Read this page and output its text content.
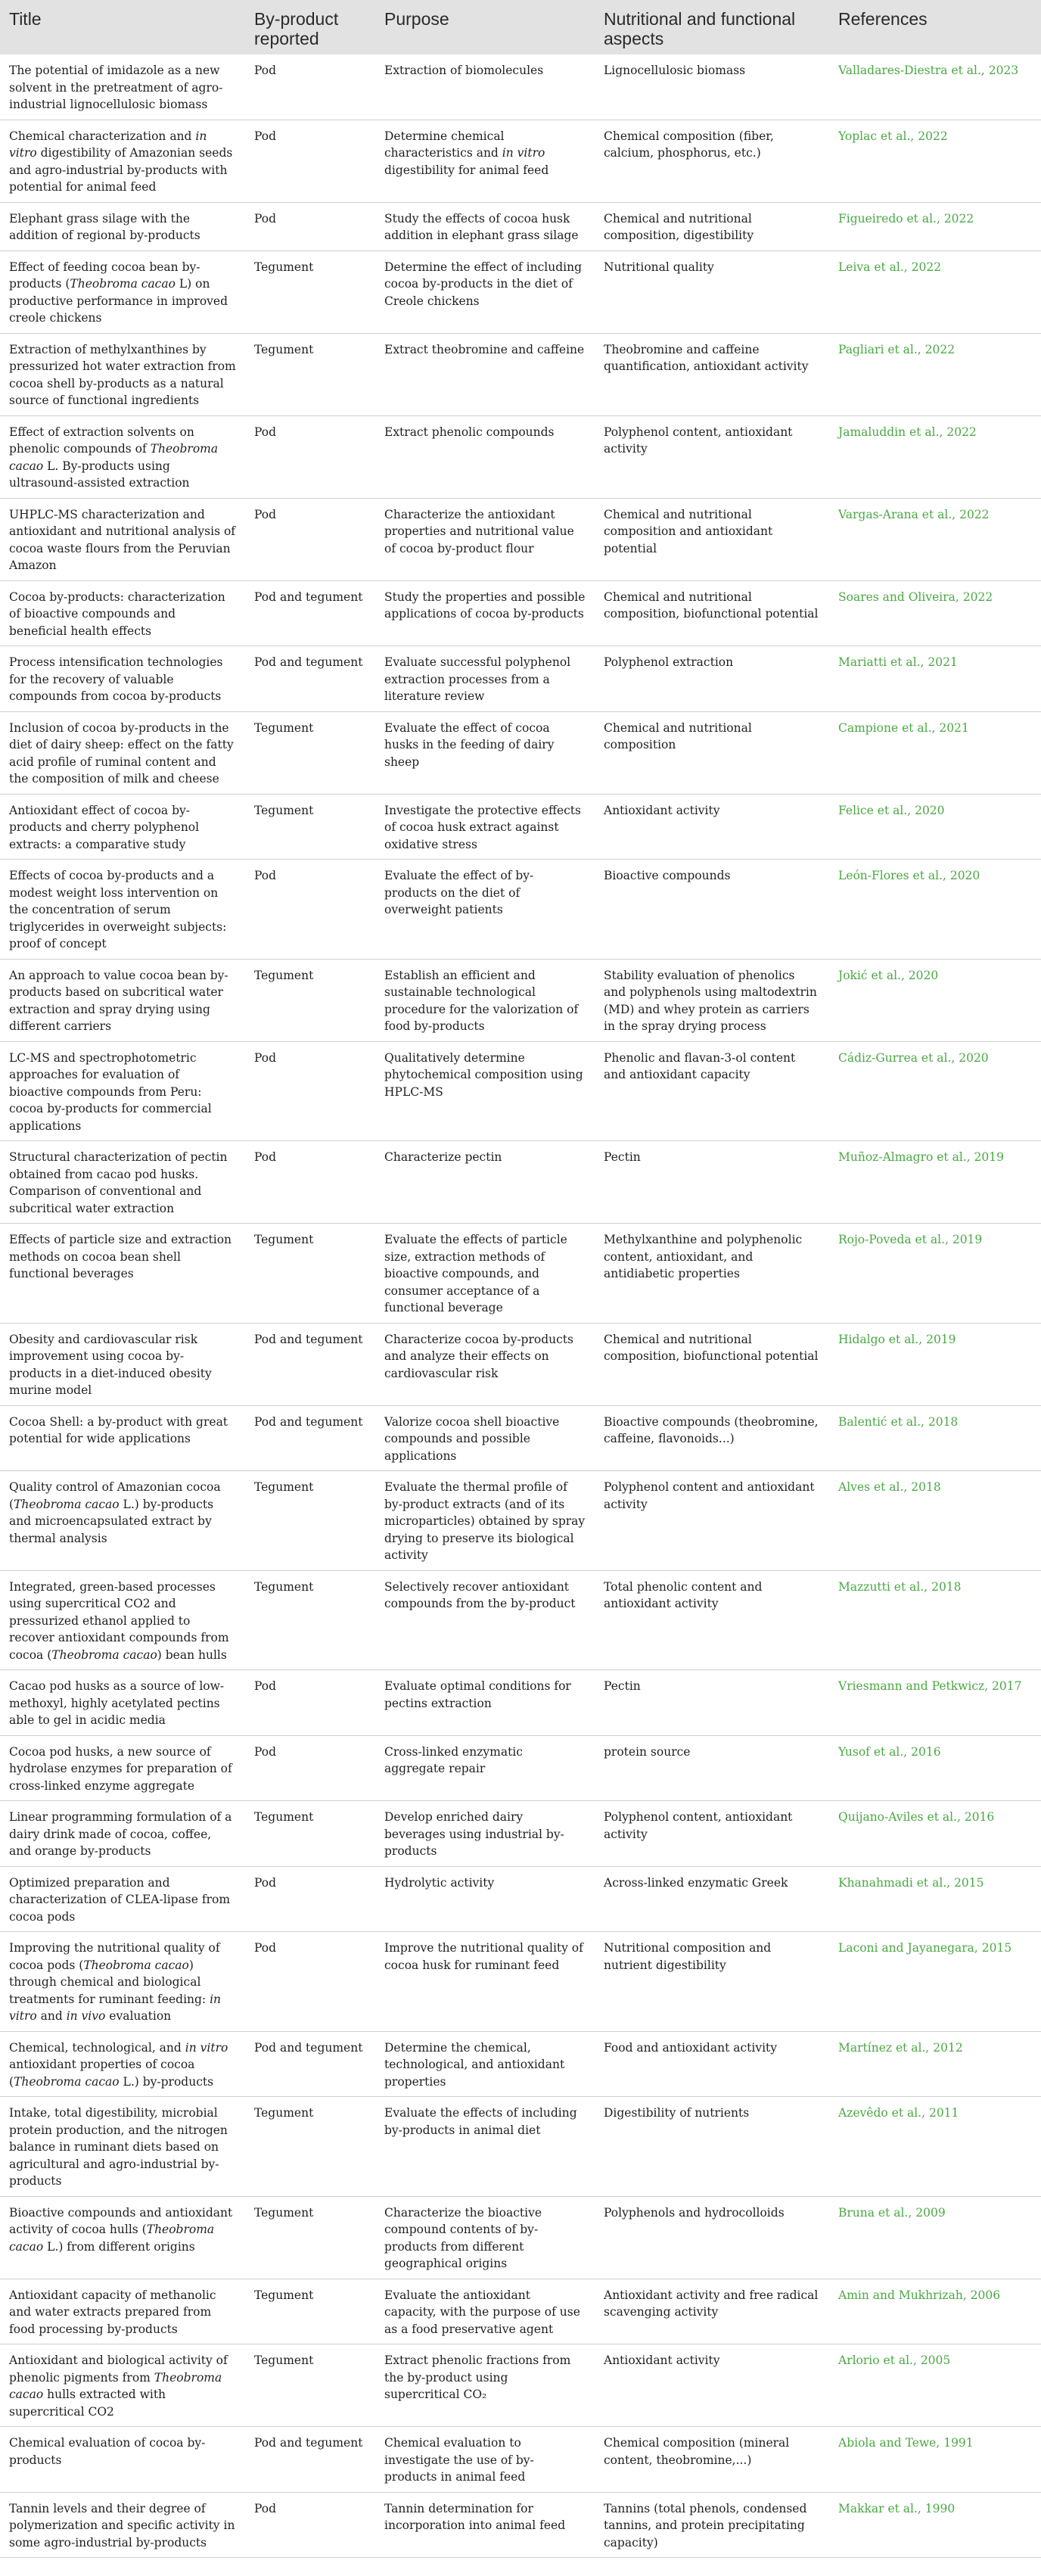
Title	By-product reported	Purpose	Nutritional and functional aspects	References
The potential of imidazole as a new solvent in the pretreatment of agro-industrial lignocellulosic biomass	Pod	Extraction of biomolecules	Lignocellulosic biomass	Valladares-Diestra et al., 2023
Chemical characterization and in vitro digestibility of Amazonian seeds and agro-industrial by-products with potential for animal feed	Pod	Determine chemical characteristics and in vitro digestibility for animal feed	Chemical composition (fiber, calcium, phosphorus, etc.)	Yoplac et al., 2022
Elephant grass silage with the addition of regional by-products	Pod	Study the effects of cocoa husk addition in elephant grass silage	Chemical and nutritional composition, digestibility	Figueiredo et al., 2022
Effect of feeding cocoa bean by-products (Theobroma cacao L) on productive performance in improved creole chickens	Tegument	Determine the effect of including cocoa by-products in the diet of Creole chickens	Nutritional quality	Leiva et al., 2022
Extraction of methylxanthines by pressurized hot water extraction from cocoa shell by-products as a natural source of functional ingredients	Tegument	Extract theobromine and caffeine	Theobromine and caffeine quantification, antioxidant activity	Pagliari et al., 2022
Effect of extraction solvents on phenolic compounds of Theobroma cacao L. By-products using ultrasound-assisted extraction	Pod	Extract phenolic compounds	Polyphenol content, antioxidant activity	Jamaluddin et al., 2022
UHPLC-MS characterization and antioxidant and nutritional analysis of cocoa waste flours from the Peruvian Amazon	Pod	Characterize the antioxidant properties and nutritional value of cocoa by-product flour	Chemical and nutritional composition and antioxidant potential	Vargas-Arana et al., 2022
Cocoa by-products: characterization of bioactive compounds and beneficial health effects	Pod and tegument	Study the properties and possible applications of cocoa by-products	Chemical and nutritional composition, biofunctional potential	Soares and Oliveira, 2022
Process intensification technologies for the recovery of valuable compounds from cocoa by-products	Pod and tegument	Evaluate successful polyphenol extraction processes from a literature review	Polyphenol extraction	Mariatti et al., 2021
Inclusion of cocoa by-products in the diet of dairy sheep: effect on the fatty acid profile of ruminal content and the composition of milk and cheese	Tegument	Evaluate the effect of cocoa husks in the feeding of dairy sheep	Chemical and nutritional composition	Campione et al., 2021
Antioxidant effect of cocoa by-products and cherry polyphenol extracts: a comparative study	Tegument	Investigate the protective effects of cocoa husk extract against oxidative stress	Antioxidant activity	Felice et al., 2020
Effects of cocoa by-products and a modest weight loss intervention on the concentration of serum triglycerides in overweight subjects: proof of concept	Pod	Evaluate the effect of by-products on the diet of overweight patients	Bioactive compounds	León-Flores et al., 2020
An approach to value cocoa bean by-products based on subcritical water extraction and spray drying using different carriers	Tegument	Establish an efficient and sustainable technological procedure for the valorization of food by-products	Stability evaluation of phenolics and polyphenols using maltodextrin (MD) and whey protein as carriers in the spray drying process	Jokić et al., 2020
LC-MS and spectrophotometric approaches for evaluation of bioactive compounds from Peru: cocoa by-products for commercial applications	Pod	Qualitatively determine phytochemical composition using HPLC-MS	Phenolic and flavan-3-ol content and antioxidant capacity	Cádiz-Gurrea et al., 2020
Structural characterization of pectin obtained from cacao pod husks. Comparison of conventional and subcritical water extraction	Pod	Characterize pectin	Pectin	Muñoz-Almagro et al., 2019
Effects of particle size and extraction methods on cocoa bean shell functional beverages	Tegument	Evaluate the effects of particle size, extraction methods of bioactive compounds, and consumer acceptance of a functional beverage	Methylxanthine and polyphenolic content, antioxidant, and antidiabetic properties	Rojo-Poveda et al., 2019
Obesity and cardiovascular risk improvement using cocoa by-products in a diet-induced obesity murine model	Pod and tegument	Characterize cocoa by-products and analyze their effects on cardiovascular risk	Chemical and nutritional composition, biofunctional potential	Hidalgo et al., 2019
Cocoa Shell: a by-product with great potential for wide applications	Pod and tegument	Valorize cocoa shell bioactive compounds and possible applications	Bioactive compounds (theobromine, caffeine, flavonoids...)	Balentić et al., 2018
Quality control of Amazonian cocoa (Theobroma cacao L.) by-products and microencapsulated extract by thermal analysis	Tegument	Evaluate the thermal profile of by-product extracts (and of its microparticles) obtained by spray drying to preserve its biological activity	Polyphenol content and antioxidant activity	Alves et al., 2018
Integrated, green-based processes using supercritical CO2 and pressurized ethanol applied to recover antioxidant compounds from cocoa (Theobroma cacao) bean hulls	Tegument	Selectively recover antioxidant compounds from the by-product	Total phenolic content and antioxidant activity	Mazzutti et al., 2018
Cacao pod husks as a source of low-methoxyl, highly acetylated pectins able to gel in acidic media	Pod	Evaluate optimal conditions for pectins extraction	Pectin	Vriesmann and Petkwicz, 2017
Cocoa pod husks, a new source of hydrolase enzymes for preparation of cross-linked enzyme aggregate	Pod	Cross-linked enzymatic aggregate repair	protein source	Yusof et al., 2016
Linear programming formulation of a dairy drink made of cocoa, coffee, and orange by-products	Tegument	Develop enriched dairy beverages using industrial by-products	Polyphenol content, antioxidant activity	Quijano-Aviles et al., 2016
Optimized preparation and characterization of CLEA-lipase from cocoa pods	Pod	Hydrolytic activity	Across-linked enzymatic Greek	Khanahmadi et al., 2015
Improving the nutritional quality of cocoa pods (Theobroma cacao) through chemical and biological treatments for ruminant feeding: in vitro and in vivo evaluation	Pod	Improve the nutritional quality of cocoa husk for ruminant feed	Nutritional composition and nutrient digestibility	Laconi and Jayanegara, 2015
Chemical, technological, and in vitro antioxidant properties of cocoa (Theobroma cacao L.) by-products	Pod and tegument	Determine the chemical, technological, and antioxidant properties	Food and antioxidant activity	Martínez et al., 2012
Intake, total digestibility, microbial protein production, and the nitrogen balance in ruminant diets based on agricultural and agro-industrial by-products	Tegument	Evaluate the effects of including by-products in animal diet	Digestibility of nutrients	Azevêdo et al., 2011
Bioactive compounds and antioxidant activity of cocoa hulls (Theobroma cacao L.) from different origins	Tegument	Characterize the bioactive compound contents of by-products from different geographical origins	Polyphenols and hydrocolloids	Bruna et al., 2009
Antioxidant capacity of methanolic and water extracts prepared from food processing by-products	Tegument	Evaluate the antioxidant capacity, with the purpose of use as a food preservative agent	Antioxidant activity and free radical scavenging activity	Amin and Mukhrizah, 2006
Antioxidant and biological activity of phenolic pigments from Theobroma cacao hulls extracted with supercritical CO2	Tegument	Extract phenolic fractions from the by-product using supercritical CO₂	Antioxidant activity	Arlorio et al., 2005
Chemical evaluation of cocoa by-products	Pod and tegument	Chemical evaluation to investigate the use of by-products in animal feed	Chemical composition (mineral content, theobromine,...)	Abiola and Tewe, 1991
Tannin levels and their degree of polymerization and specific activity in some agro-industrial by-products	Pod	Tannin determination for incorporation into animal feed	Tannins (total phenols, condensed tannins, and protein precipitating capacity)	Makkar et al., 1990
